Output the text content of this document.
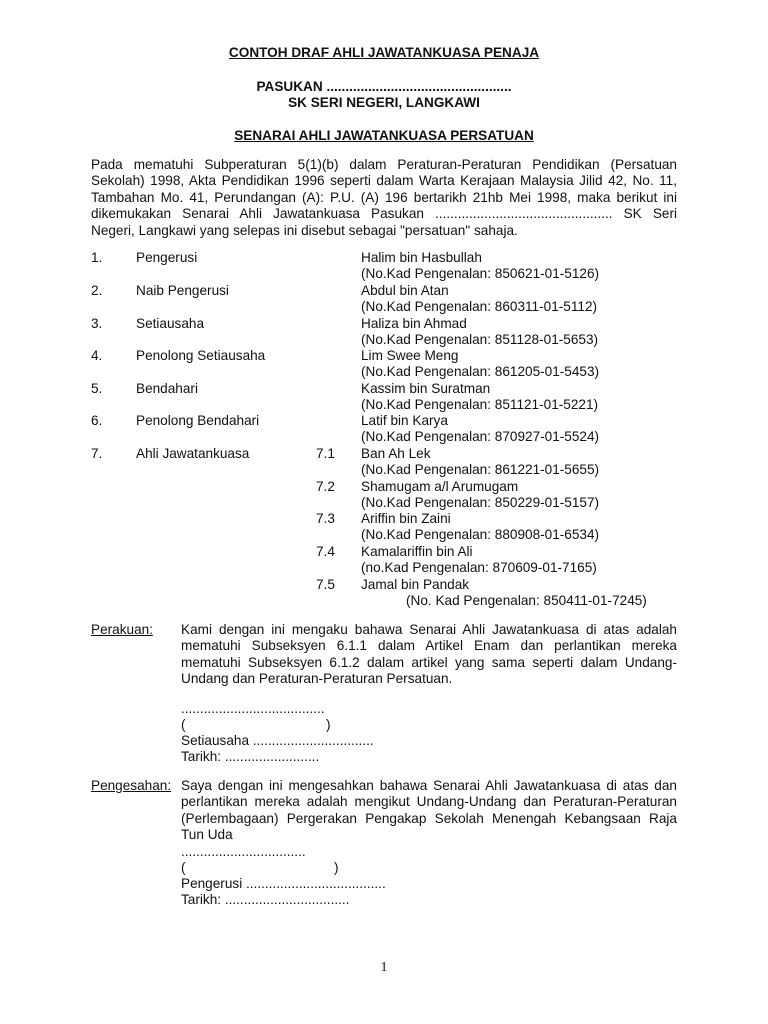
CONTOH DRAF AHLI JAWATANKUASA PENAJA
PASUKAN .................................................
SK SERI NEGERI, LANGKAWI
SENARAI AHLI JAWATANKUASA PERSATUAN
Pada mematuhi Subperaturan 5(1)(b) dalam Peraturan-Peraturan Pendidikan (Persatuan
Sekolah) 1998, Akta Pendidikan 1996 seperti dalam Warta Kerajaan Malaysia Jilid 42, No. 11,
Tambahan Mo. 41, Perundangan (A): P.U. (A) 196 bertarikh 21hb Mei 1998, maka berikut ini
dikemukakan Senarai Ahli Jawatankuasa Pasukan ............................................... SK Seri
Negeri, Langkawi yang selepas ini disebut sebagai "persatuan" sahaja.
1. Pengerusi	Halim bin Hasbullah
(No.Kad Pengenalan: 850621-01-5126)
2. Naib Pengerusi	Abdul bin Atan
(No.Kad Pengenalan: 860311-01-5112)
3. Setiausaha	Haliza bin Ahmad
(No.Kad Pengenalan: 851128-01-5653)
4. Penolong Setiausaha	Lim Swee Meng
(No.Kad Pengenalan: 861205-01-5453)
5. Bendahari	Kassim bin Suratman
(No.Kad Pengenalan: 851121-01-5221)
6. Penolong Bendahari	Latif bin Karya
(No.Kad Pengenalan: 870927-01-5524)
7. Ahli Jawatankuasa	7.1 Ban Ah Lek
(No.Kad Pengenalan: 861221-01-5655)
7.2 Shamugam a/l Arumugam
(No.Kad Pengenalan: 850229-01-5157)
7.3 Ariffin bin Zaini
(No.Kad Pengenalan: 880908-01-6534)
7.4 Kamalariffin bin Ali
(no.Kad Pengenalan: 870609-01-7165)
7.5 Jamal bin Pandak
(No. Kad Pengenalan: 850411-01-7245)
Perakuan: Kami dengan ini mengaku bahawa Senarai Ahli Jawatankuasa di atas adalah
mematuhi Subseksyen 6.1.1 dalam Artikel Enam dan perlantikan mereka
mematuhi Subseksyen 6.1.2 dalam artikel yang sama seperti dalam Undang-
Undang dan Peraturan-Peraturan Persatuan.
......................................
(	)
Setiausaha ................................
Tarikh: .........................
Pengesahan: Saya dengan ini mengesahkan bahawa Senarai Ahli Jawatankuasa di atas dan
perlantikan mereka adalah mengikut Undang-Undang dan Peraturan-Peraturan
(Perlembagaan) Pergerakan Pengakap Sekolah Menengah Kebangsaan Raja
Tun Uda
.................................
(	)
Pengerusi .....................................
Tarikh: .................................
1
